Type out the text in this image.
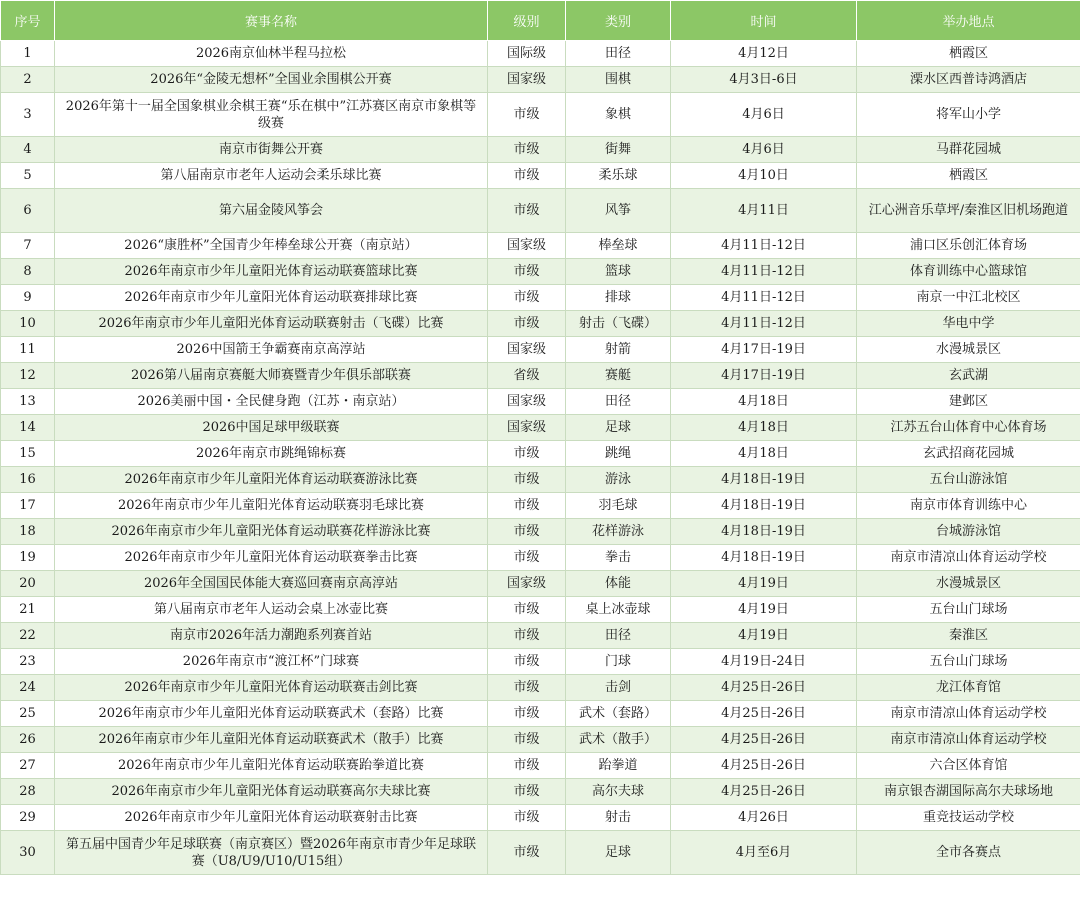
序号	赛事名称	级别	类别	时间	举办地点
1	2026南京仙林半程马拉松	国际级	田径	4月12日	栖霞区
2	2026年“金陵无想杯”全国业余围棋公开赛	国家级	围棋	4月3日-6日	溧水区西普诗鸿酒店
3	2026年第十一届全国象棋业余棋王赛“乐在棋中”江苏赛区南京市象棋等级赛	市级	象棋	4月6日	将军山小学
4	南京市街舞公开赛	市级	街舞	4月6日	马群花园城
5	第八届南京市老年人运动会柔乐球比赛	市级	柔乐球	4月10日	栖霞区
6	第六届金陵风筝会	市级	风筝	4月11日	江心洲音乐草坪/秦淮区旧机场跑道
7	2026“康胜杯”全国青少年棒垒球公开赛（南京站）	国家级	棒垒球	4月11日-12日	浦口区乐创汇体育场
8	2026年南京市少年儿童阳光体育运动联赛篮球比赛	市级	篮球	4月11日-12日	体育训练中心篮球馆
9	2026年南京市少年儿童阳光体育运动联赛排球比赛	市级	排球	4月11日-12日	南京一中江北校区
10	2026年南京市少年儿童阳光体育运动联赛射击（飞碟）比赛	市级	射击（飞碟）	4月11日-12日	华电中学
11	2026中国箭王争霸赛南京高淳站	国家级	射箭	4月17日-19日	水漫城景区
12	2026第八届南京赛艇大师赛暨青少年俱乐部联赛	省级	赛艇	4月17日-19日	玄武湖
13	2026美丽中国・全民健身跑（江苏・南京站）	国家级	田径	4月18日	建邺区
14	2026中国足球甲级联赛	国家级	足球	4月18日	江苏五台山体育中心体育场
15	2026年南京市跳绳锦标赛	市级	跳绳	4月18日	玄武招商花园城
16	2026年南京市少年儿童阳光体育运动联赛游泳比赛	市级	游泳	4月18日-19日	五台山游泳馆
17	2026年南京市少年儿童阳光体育运动联赛羽毛球比赛	市级	羽毛球	4月18日-19日	南京市体育训练中心
18	2026年南京市少年儿童阳光体育运动联赛花样游泳比赛	市级	花样游泳	4月18日-19日	台城游泳馆
19	2026年南京市少年儿童阳光体育运动联赛拳击比赛	市级	拳击	4月18日-19日	南京市清凉山体育运动学校
20	2026年全国国民体能大赛巡回赛南京高淳站	国家级	体能	4月19日	水漫城景区
21	第八届南京市老年人运动会桌上冰壶比赛	市级	桌上冰壶球	4月19日	五台山门球场
22	南京市2026年活力潮跑系列赛首站	市级	田径	4月19日	秦淮区
23	2026年南京市“渡江杯”门球赛	市级	门球	4月19日-24日	五台山门球场
24	2026年南京市少年儿童阳光体育运动联赛击剑比赛	市级	击剑	4月25日-26日	龙江体育馆
25	2026年南京市少年儿童阳光体育运动联赛武术（套路）比赛	市级	武术（套路）	4月25日-26日	南京市清凉山体育运动学校
26	2026年南京市少年儿童阳光体育运动联赛武术（散手）比赛	市级	武术（散手）	4月25日-26日	南京市清凉山体育运动学校
27	2026年南京市少年儿童阳光体育运动联赛跆拳道比赛	市级	跆拳道	4月25日-26日	六合区体育馆
28	2026年南京市少年儿童阳光体育运动联赛高尔夫球比赛	市级	高尔夫球	4月25日-26日	南京银杏湖国际高尔夫球场地
29	2026年南京市少年儿童阳光体育运动联赛射击比赛	市级	射击	4月26日	重竞技运动学校
30	第五届中国青少年足球联赛（南京赛区）暨2026年南京市青少年足球联赛（U8/U9/U10/U15组）	市级	足球	4月至6月	全市各赛点
